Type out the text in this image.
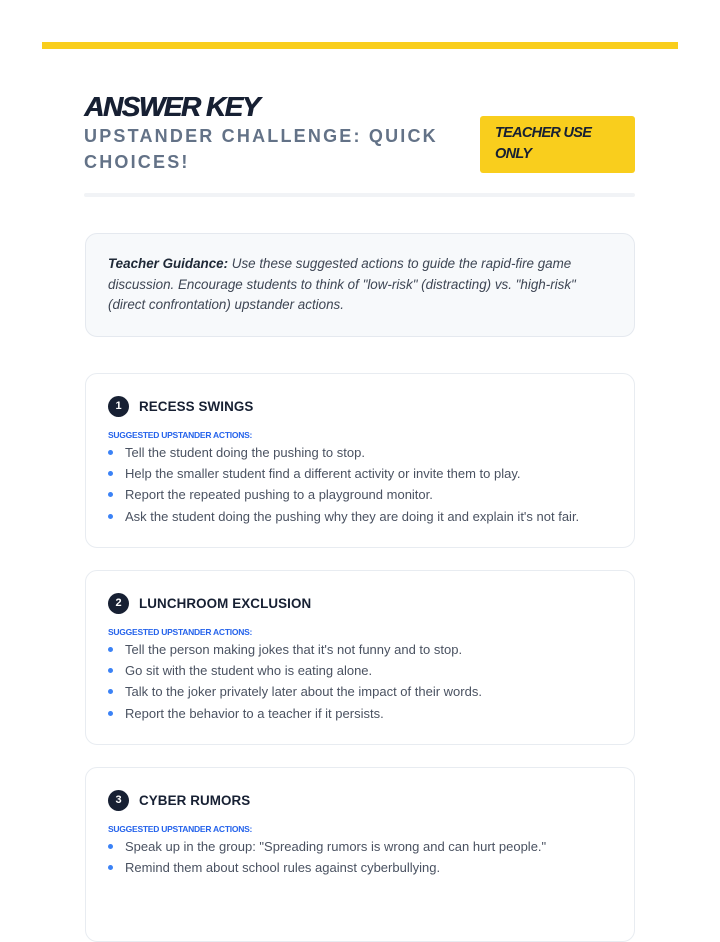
ANSWER KEY
UPSTANDER CHALLENGE: QUICK CHOICES!
TEACHER USE ONLY
Teacher Guidance: Use these suggested actions to guide the rapid-fire game discussion. Encourage students to think of "low-risk" (distracting) vs. "high-risk" (direct confrontation) upstander actions.
1	RECESS SWINGS
SUGGESTED UPSTANDER ACTIONS:
Tell the student doing the pushing to stop.
Help the smaller student find a different activity or invite them to play.
Report the repeated pushing to a playground monitor.
Ask the student doing the pushing why they are doing it and explain it's not fair.
2	LUNCHROOM EXCLUSION
SUGGESTED UPSTANDER ACTIONS:
Tell the person making jokes that it's not funny and to stop.
Go sit with the student who is eating alone.
Talk to the joker privately later about the impact of their words.
Report the behavior to a teacher if it persists.
3	CYBER RUMORS
SUGGESTED UPSTANDER ACTIONS:
Speak up in the group: "Spreading rumors is wrong and can hurt people."
Remind them about school rules against cyberbullying.
